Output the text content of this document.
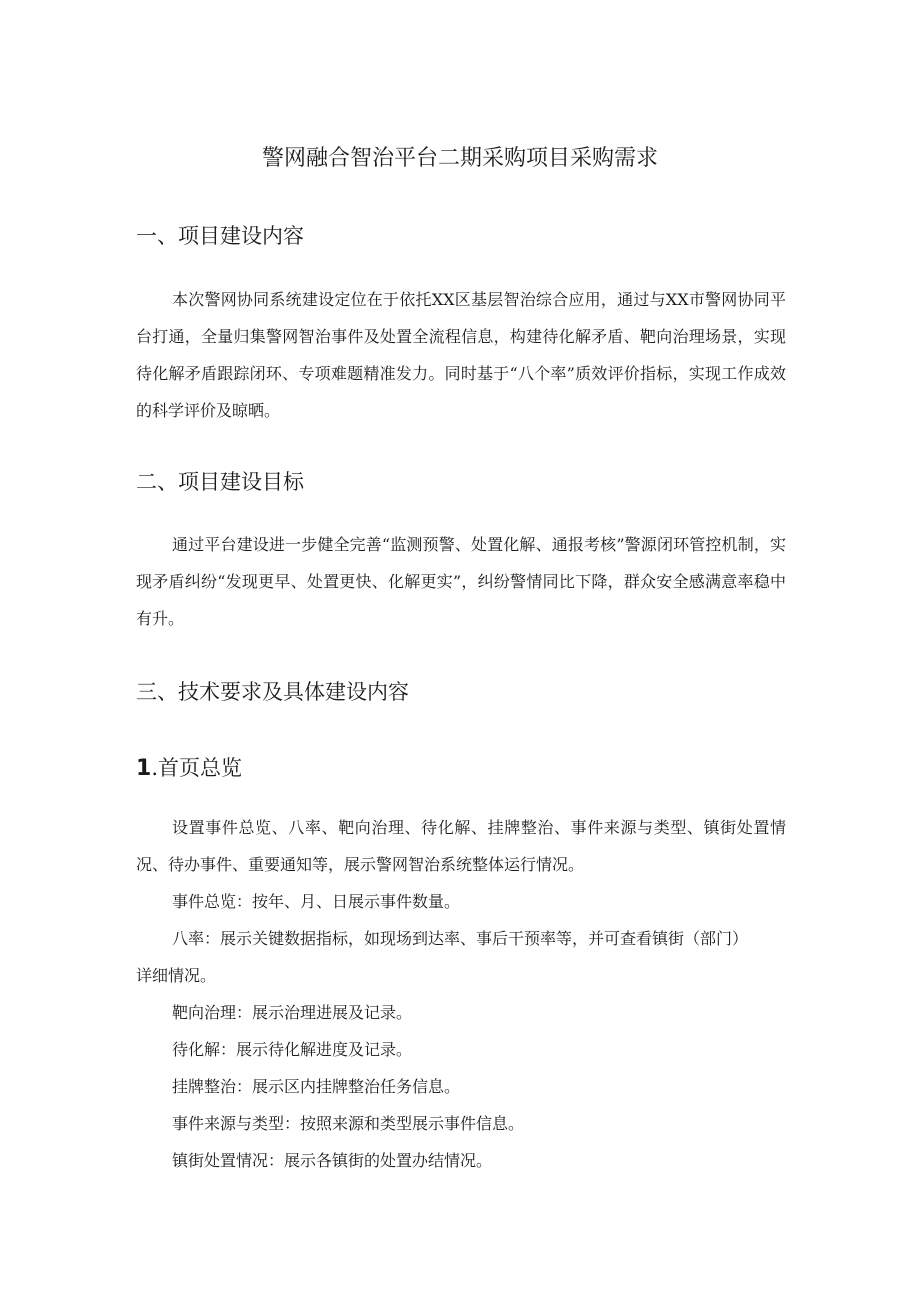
警网融合智治平台二期采购项目采购需求
一、项目建设内容
本次警网协同系统建设定位在于依托XX区基层智治综合应用，通过与XX市警网协同平台打通，全量归集警网智治事件及处置全流程信息，构建待化解矛盾、靶向治理场景，实现待化解矛盾跟踪闭环、专项难题精准发力。同时基于“八个率”质效评价指标，实现工作成效的科学评价及晾晒。
二、项目建设目标
通过平台建设进一步健全完善“监测预警、处置化解、通报考核”警源闭环管控机制，实现矛盾纠纷“发现更早、处置更快、化解更实”，纠纷警情同比下降，群众安全感满意率稳中有升。
三、技术要求及具体建设内容
1.首页总览
设置事件总览、八率、靶向治理、待化解、挂牌整治、事件来源与类型、镇街处置情况、待办事件、重要通知等，展示警网智治系统整体运行情况。
事件总览：按年、月、日展示事件数量。
八率：展示关键数据指标，如现场到达率、事后干预率等，并可查看镇街（部门）
详细情况。
靶向治理：展示治理进展及记录。
待化解：展示待化解进度及记录。
挂牌整治：展示区内挂牌整治任务信息。
事件来源与类型：按照来源和类型展示事件信息。
镇街处置情况：展示各镇街的处置办结情况。
